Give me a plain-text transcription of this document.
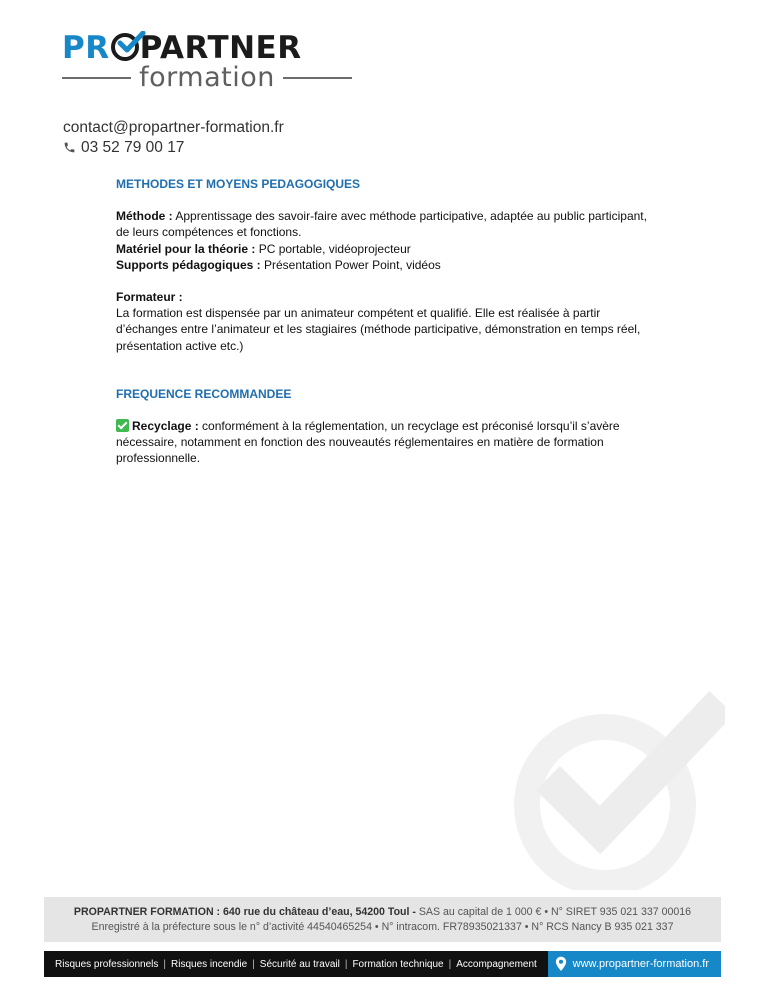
PR PARTNER
formation
contact@propartner-formation.fr
03 52 79 00 17

METHODES ET MOYENS PEDAGOGIQUES

Méthode : Apprentissage des savoir-faire avec méthode participative, adaptée au public participant, de leurs compétences et fonctions.

Matériel pour la théorie : PC portable, vidéoprojecteur

Supports pédagogiques : Présentation Power Point, vidéos

Formateur :

La formation est dispensée par un animateur compétent et qualifié. Elle est réalisée à partir d’échanges entre l’animateur et les stagiaires (méthode participative, démonstration en temps réel, présentation active etc.)

FREQUENCE RECOMMANDEE

Recyclage : conformément à la réglementation, un recyclage est préconisé lorsqu’il s’avère nécessaire, notamment en fonction des nouveautés réglementaires en matière de formation professionnelle.

PROPARTNER FORMATION : 640 rue du château d’eau, 54200 Toul - SAS au capital de 1 000 € • N° SIRET 935 021 337 00016
Enregistré à la préfecture sous le n° d’activité 44540465254 • N° intracom. FR78935021337 • N° RCS Nancy B 935 021 337
Risques professionnels | Risques incendie | Sécurité au travail | Formation technique | Accompagnement	www.propartner-formation.fr
